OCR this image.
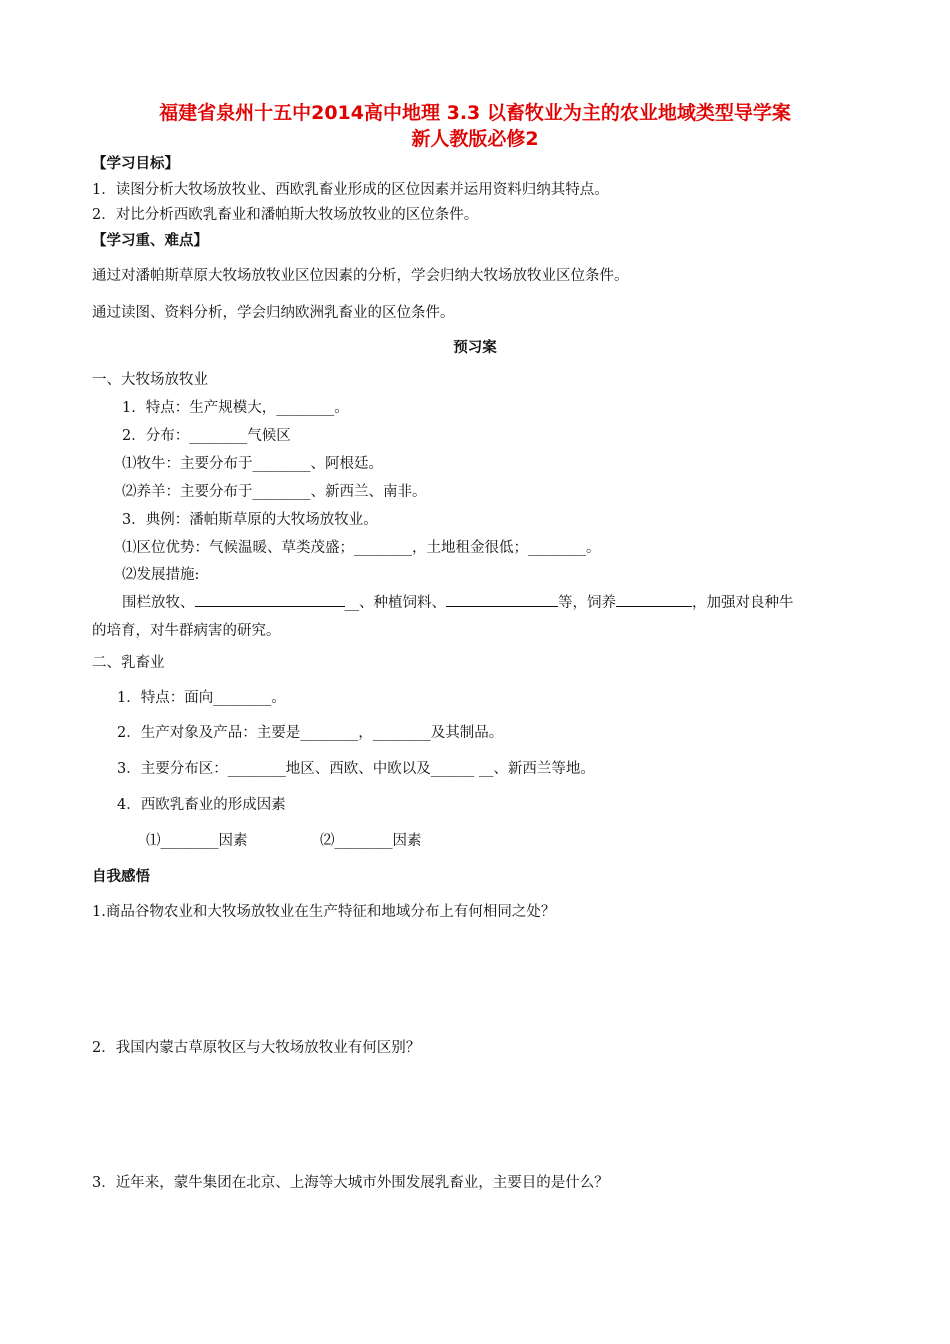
福建省泉州十五中2014高中地理 3.3 以畜牧业为主的农业地域类型导学案
新人教版必修2
【学习目标】
1．读图分析大牧场放牧业、西欧乳畜业形成的区位因素并运用资料归纳其特点。
2．对比分析西欧乳畜业和潘帕斯大牧场放牧业的区位条件。
【学习重、难点】
通过对潘帕斯草原大牧场放牧业区位因素的分析，学会归纳大牧场放牧业区位条件。
通过读图、资料分析，学会归纳欧洲乳畜业的区位条件。
预习案
一、大牧场放牧业
1．特点：生产规模大，________。
2．分布：________气候区
⑴牧牛：主要分布于________、阿根廷。
⑵养羊：主要分布于________、新西兰、南非。
3．典例：潘帕斯草原的大牧场放牧业。
⑴区位优势：气候温暖、草类茂盛；________，土地租金很低；________。
⑵发展措施:
围栏放牧、	__、种植饲料、	等，饲养	，加强对良种牛
的培育，对牛群病害的研究。
二、乳畜业
1．特点：面向________。
2．生产对象及产品：主要是________，________及其制品。
3．主要分布区：________地区、西欧、中欧以及______ __、新西兰等地。
4．西欧乳畜业的形成因素
⑴________因素	⑵________因素
自我感悟
1.商品谷物农业和大牧场放牧业在生产特征和地域分布上有何相同之处？
2．我国内蒙古草原牧区与大牧场放牧业有何区别？
3．近年来，蒙牛集团在北京、上海等大城市外围发展乳畜业，主要目的是什么？
